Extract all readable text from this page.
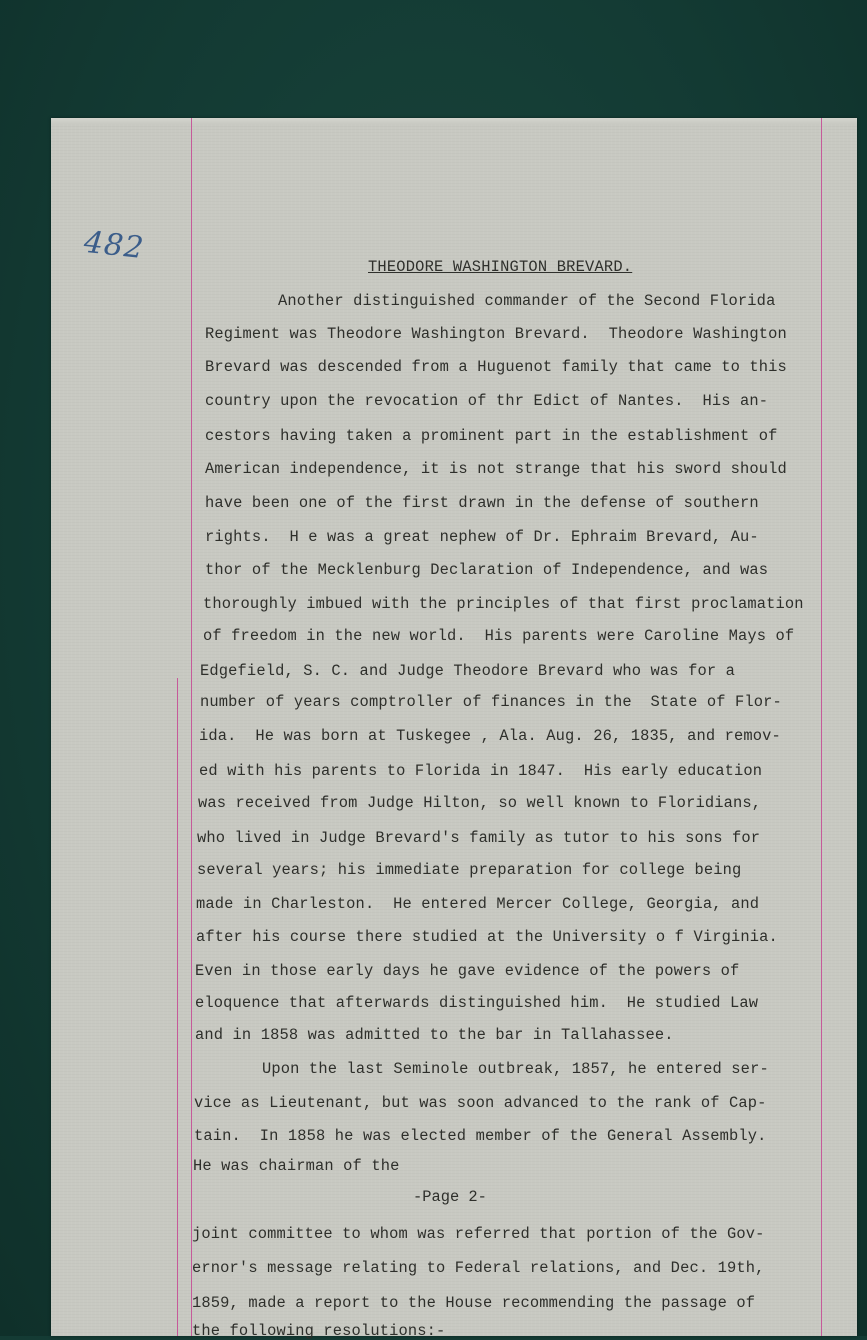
482
THEODORE WASHINGTON BREVARD.
Another distinguished commander of the Second Florida
Regiment was Theodore Washington Brevard.  Theodore Washington
Brevard was descended from a Huguenot family that came to this
country upon the revocation of thr Edict of Nantes.  His an-
cestors having taken a prominent part in the establishment of
American independence, it is not strange that his sword should
have been one of the first drawn in the defense of southern
rights.  H e was a great nephew of Dr. Ephraim Brevard, Au-
thor of the Mecklenburg Declaration of Independence, and was
thoroughly imbued with the principles of that first proclamation
of freedom in the new world.  His parents were Caroline Mays of
Edgefield, S. C. and Judge Theodore Brevard who was for a
number of years comptroller of finances in the  State of Flor-
ida.  He was born at Tuskegee , Ala. Aug. 26, 1835, and remov-
ed with his parents to Florida in 1847.  His early education
was received from Judge Hilton, so well known to Floridians,
who lived in Judge Brevard's family as tutor to his sons for
several years; his immediate preparation for college being
made in Charleston.  He entered Mercer College, Georgia, and
after his course there studied at the University o f Virginia.
Even in those early days he gave evidence of the powers of
eloquence that afterwards distinguished him.  He studied Law
and in 1858 was admitted to the bar in Tallahassee.
Upon the last Seminole outbreak, 1857, he entered ser-
vice as Lieutenant, but was soon advanced to the rank of Cap-
tain.  In 1858 he was elected member of the General Assembly.
He was chairman of the
-Page 2-
joint committee to whom was referred that portion of the Gov-
ernor's message relating to Federal relations, and Dec. 19th,
1859, made a report to the House recommending the passage of
the following resolutions:-
